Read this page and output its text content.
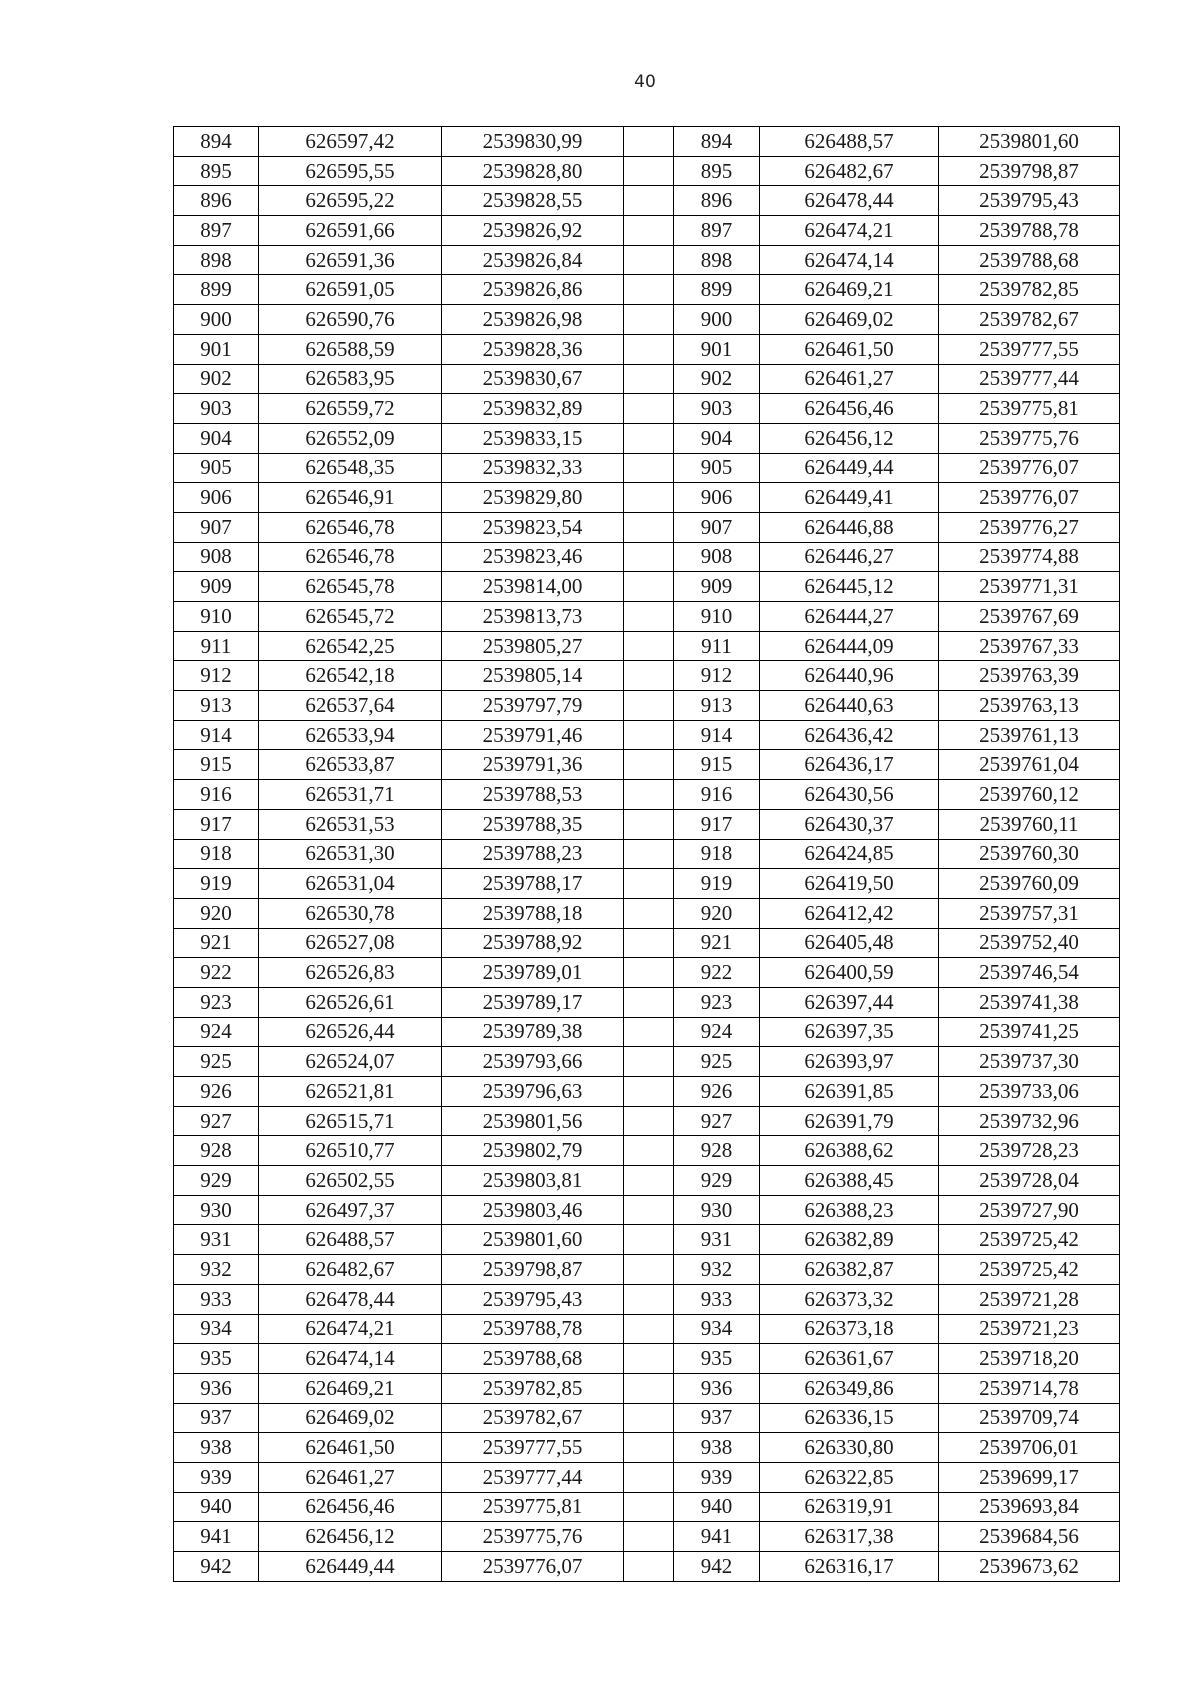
40
894	626597,42	2539830,99		894	626488,57	2539801,60
895	626595,55	2539828,80		895	626482,67	2539798,87
896	626595,22	2539828,55		896	626478,44	2539795,43
897	626591,66	2539826,92		897	626474,21	2539788,78
898	626591,36	2539826,84		898	626474,14	2539788,68
899	626591,05	2539826,86		899	626469,21	2539782,85
900	626590,76	2539826,98		900	626469,02	2539782,67
901	626588,59	2539828,36		901	626461,50	2539777,55
902	626583,95	2539830,67		902	626461,27	2539777,44
903	626559,72	2539832,89		903	626456,46	2539775,81
904	626552,09	2539833,15		904	626456,12	2539775,76
905	626548,35	2539832,33		905	626449,44	2539776,07
906	626546,91	2539829,80		906	626449,41	2539776,07
907	626546,78	2539823,54		907	626446,88	2539776,27
908	626546,78	2539823,46		908	626446,27	2539774,88
909	626545,78	2539814,00		909	626445,12	2539771,31
910	626545,72	2539813,73		910	626444,27	2539767,69
911	626542,25	2539805,27		911	626444,09	2539767,33
912	626542,18	2539805,14		912	626440,96	2539763,39
913	626537,64	2539797,79		913	626440,63	2539763,13
914	626533,94	2539791,46		914	626436,42	2539761,13
915	626533,87	2539791,36		915	626436,17	2539761,04
916	626531,71	2539788,53		916	626430,56	2539760,12
917	626531,53	2539788,35		917	626430,37	2539760,11
918	626531,30	2539788,23		918	626424,85	2539760,30
919	626531,04	2539788,17		919	626419,50	2539760,09
920	626530,78	2539788,18		920	626412,42	2539757,31
921	626527,08	2539788,92		921	626405,48	2539752,40
922	626526,83	2539789,01		922	626400,59	2539746,54
923	626526,61	2539789,17		923	626397,44	2539741,38
924	626526,44	2539789,38		924	626397,35	2539741,25
925	626524,07	2539793,66		925	626393,97	2539737,30
926	626521,81	2539796,63		926	626391,85	2539733,06
927	626515,71	2539801,56		927	626391,79	2539732,96
928	626510,77	2539802,79		928	626388,62	2539728,23
929	626502,55	2539803,81		929	626388,45	2539728,04
930	626497,37	2539803,46		930	626388,23	2539727,90
931	626488,57	2539801,60		931	626382,89	2539725,42
932	626482,67	2539798,87		932	626382,87	2539725,42
933	626478,44	2539795,43		933	626373,32	2539721,28
934	626474,21	2539788,78		934	626373,18	2539721,23
935	626474,14	2539788,68		935	626361,67	2539718,20
936	626469,21	2539782,85		936	626349,86	2539714,78
937	626469,02	2539782,67		937	626336,15	2539709,74
938	626461,50	2539777,55		938	626330,80	2539706,01
939	626461,27	2539777,44		939	626322,85	2539699,17
940	626456,46	2539775,81		940	626319,91	2539693,84
941	626456,12	2539775,76		941	626317,38	2539684,56
942	626449,44	2539776,07		942	626316,17	2539673,62
